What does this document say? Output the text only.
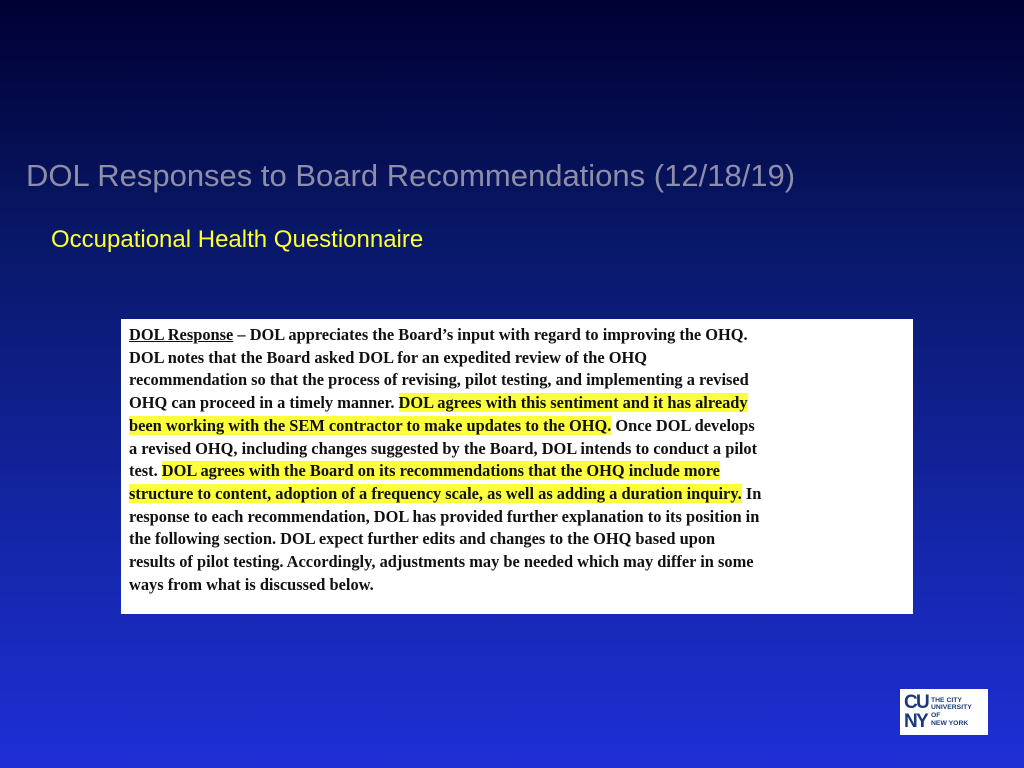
DOL Responses to Board Recommendations (12/18/19)
Occupational Health Questionnaire
DOL Response – DOL appreciates the Board’s input with regard to improving the OHQ.
DOL notes that the Board asked DOL for an expedited review of the OHQ
recommendation so that the process of revising, pilot testing, and implementing a revised
OHQ can proceed in a timely manner. DOL agrees with this sentiment and it has already
been working with the SEM contractor to make updates to the OHQ. Once DOL develops
a revised OHQ, including changes suggested by the Board, DOL intends to conduct a pilot
test. DOL agrees with the Board on its recommendations that the OHQ include more
structure to content, adoption of a frequency scale, as well as adding a duration inquiry. In
response to each recommendation, DOL has provided further explanation to its position in
the following section. DOL expect further edits and changes to the OHQ based upon
results of pilot testing. Accordingly, adjustments may be needed which may differ in some
ways from what is discussed below.
C
U
N
Y
THE CITY
UNIVERSITY
OF
NEW YORK
